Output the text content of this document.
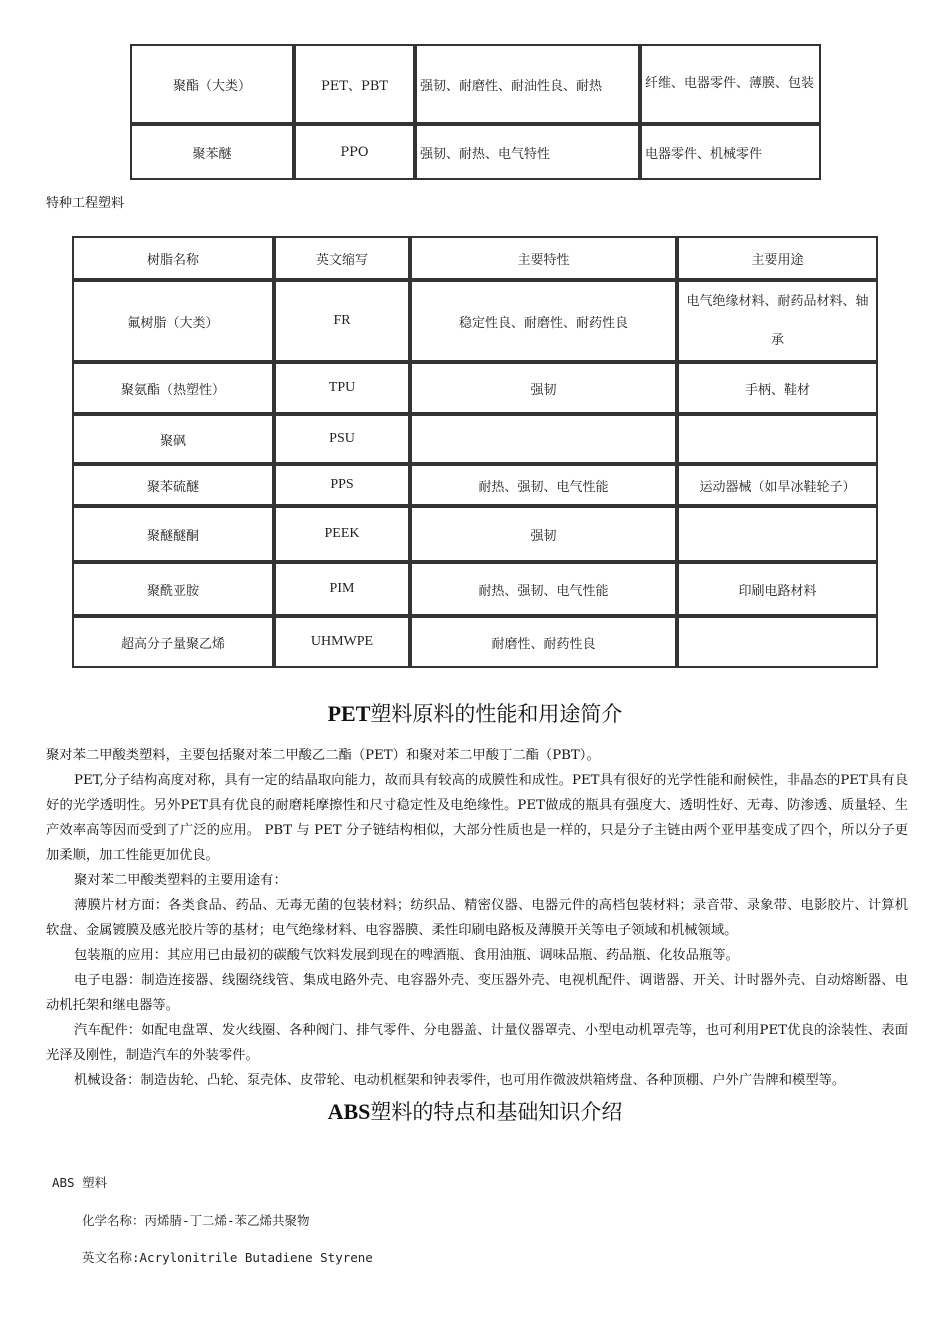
聚酯（大类）	PET、PBT	强韧、耐磨性、耐油性良、耐热	纤维、电器零件、薄膜、包装
聚苯醚	PPO	强韧、耐热、电气特性	电器零件、机械零件
特种工程塑料
树脂名称	英文缩写	主要特性	主要用途
氟树脂（大类）	FR	稳定性良、耐磨性、耐药性良	电气绝缘材料、耐药品材料、轴承
聚氨酯（热塑性）	TPU	强韧	手柄、鞋材
聚砜	PSU		
聚苯硫醚	PPS	耐热、强韧、电气性能	运动器械（如旱冰鞋轮子）
聚醚醚酮	PEEK	强韧	
聚酰亚胺	PIM	耐热、强韧、电气性能	印刷电路材料
超高分子量聚乙烯	UHMWPE	耐磨性、耐药性良	
PET塑料原料的性能和用途简介

聚对苯二甲酸类塑料，主要包括聚对苯二甲酸乙二酯（PET）和聚对苯二甲酸丁二酯（PBT）。

PET,分子结构高度对称，具有一定的结晶取向能力，故而具有较高的成膜性和成性。PET具有很好的光学性能和耐候性，非晶态的PET具有良好的光学透明性。另外PET具有优良的耐磨耗摩擦性和尺寸稳定性及电绝缘性。PET做成的瓶具有强度大、透明性好、无毒、防渗透、质量轻、生产效率高等因而受到了广泛的应用。 PBT 与 PET 分子链结构相似，大部分性质也是一样的，只是分子主链由两个亚甲基变成了四个，所以分子更加柔顺，加工性能更加优良。

聚对苯二甲酸类塑料的主要用途有：

薄膜片材方面：各类食品、药品、无毒无菌的包装材料；纺织品、精密仪器、电器元件的高档包装材料；录音带、录象带、电影胶片、计算机软盘、金属镀膜及感光胶片等的基材；电气绝缘材料、电容器膜、柔性印刷电路板及薄膜开关等电子领域和机械领域。

包装瓶的应用：其应用已由最初的碳酸气饮料发展到现在的啤酒瓶、食用油瓶、调味品瓶、药品瓶、化妆品瓶等。

电子电器：制造连接器、线圈绕线管、集成电路外壳、电容器外壳、变压器外壳、电视机配件、调谐器、开关、计时器外壳、自动熔断器、电动机托架和继电器等。

汽车配件：如配电盘罩、发火线圈、各种阀门、排气零件、分电器盖、计量仪器罩壳、小型电动机罩壳等，也可利用PET优良的涂装性、表面光泽及刚性，制造汽车的外装零件。

机械设备：制造齿轮、凸轮、泵壳体、皮带轮、电动机框架和钟表零件，也可用作微波烘箱烤盘、各种顶棚、户外广告牌和模型等。

ABS塑料的特点和基础知识介绍
ABS 塑料
化学名称：丙烯腈-丁二烯-苯乙烯共聚物
英文名称:Acrylonitrile Butadiene Styrene
